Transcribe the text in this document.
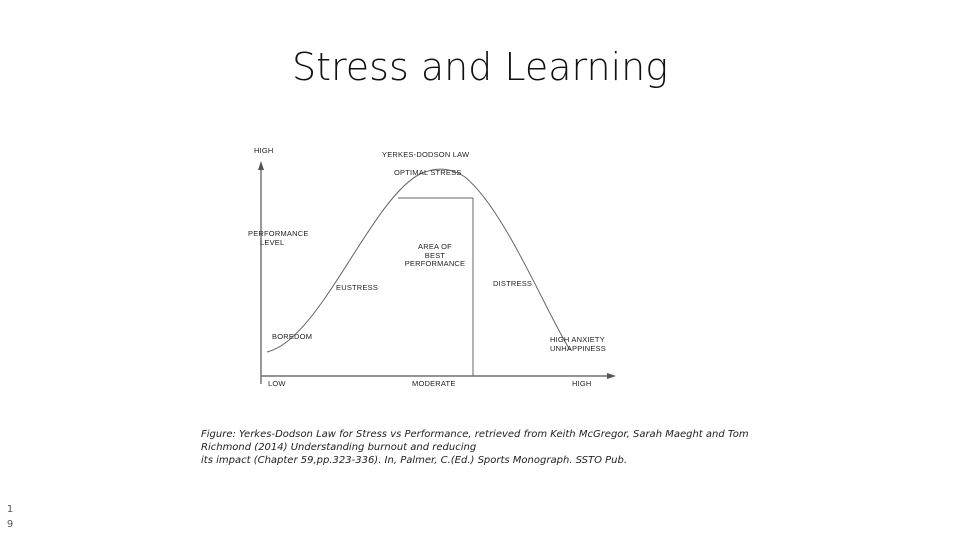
Stress and Learning
HIGH
PERFORMANCE
LEVEL
YERKES-DODSON LAW
OPTIMAL STRESS
AREA OF
BEST
PERFORMANCE
EUSTRESS	DISTRESS
BOREDOM	HIGH ANXIETY
UNHAPPINESS
LOW	MODERATE	HIGH
Figure: Yerkes-Dodson Law for Stress vs Performance, retrieved from Keith McGregor, Sarah Maeght and Tom
Richmond (2014) Understanding burnout and reducing
its impact (Chapter 59,pp.323-336). In, Palmer, C.(Ed.) Sports Monograph. SSTO Pub.
19
